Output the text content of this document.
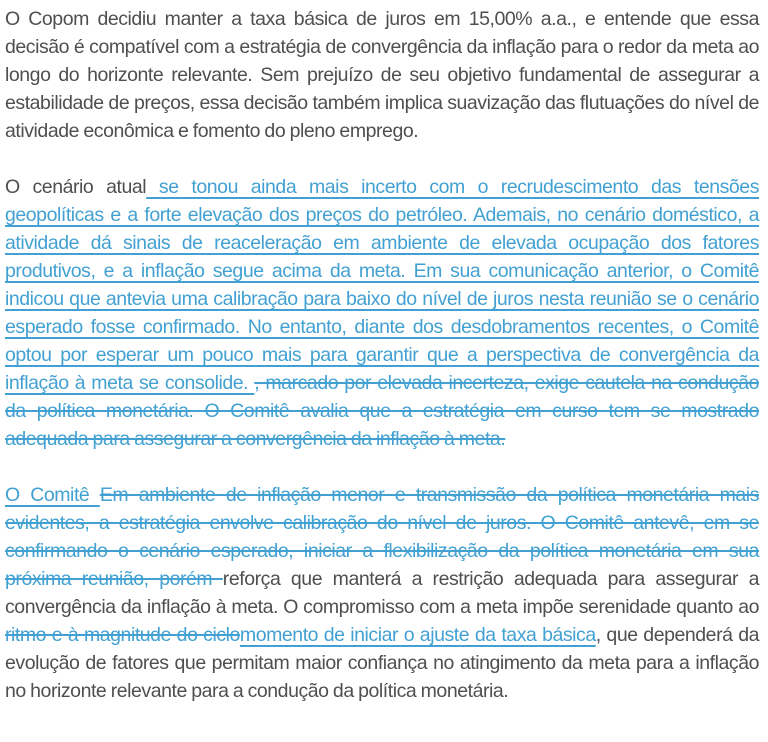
O Copom decidiu manter a taxa básica de juros em 15,00% a.a., e entende que essa decisão é compatível com a estratégia de convergência da inflação para o redor da meta ao longo do horizonte relevante. Sem prejuízo de seu objetivo fundamental de assegurar a estabilidade de preços, essa decisão também implica suavização das flutuações do nível de atividade econômica e fomento do pleno emprego.

O cenário atual se tonou ainda mais incerto com o recrudescimento das tensões geopolíticas e a forte elevação dos preços do petróleo. Ademais, no cenário doméstico, a atividade dá sinais de reaceleração em ambiente de elevada ocupação dos fatores produtivos, e a inflação segue acima da meta. Em sua comunicação anterior, o Comitê indicou que antevia uma calibração para baixo do nível de juros nesta reunião se o cenário esperado fosse confirmado. No entanto, diante dos desdobramentos recentes, o Comitê optou por esperar um pouco mais para garantir que a perspectiva de convergência da inflação à meta se consolide. , marcado por elevada incerteza, exige cautela na condução da política monetária. O Comitê avalia que a estratégia em curso tem se mostrado adequada para assegurar a convergência da inflação à meta.

O Comitê Em ambiente de inflação menor e transmissão da política monetária mais evidentes, a estratégia envolve calibração do nível de juros. O Comitê antevê, em se confirmando o cenário esperado, iniciar a flexibilização da política monetária em sua próxima reunião, porém reforça que manterá a restrição adequada para assegurar a convergência da inflação à meta. O compromisso com a meta impõe serenidade quanto ao ritmo e à magnitude do ciclomomento de iniciar o ajuste da taxa básica, que dependerá da evolução de fatores que permitam maior confiança no atingimento da meta para a inflação no horizonte relevante para a condução da política monetária.
